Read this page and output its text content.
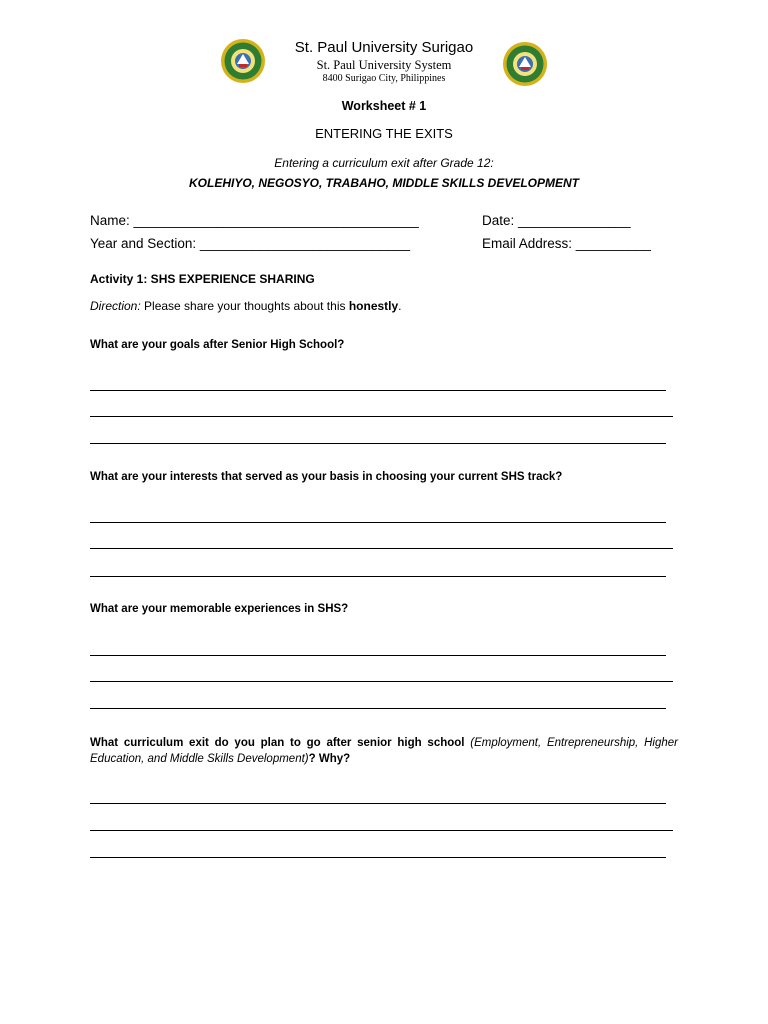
St. Paul University Surigao
St. Paul University System
8400 Surigao City, Philippines
Worksheet # 1
ENTERING THE EXITS
Entering a curriculum exit after Grade 12:
KOLEHIYO, NEGOSYO, TRABAHO, MIDDLE SKILLS DEVELOPMENT
Name: ______________________________________	Date: _______________
Year and Section: ____________________________	Email Address: __________
Activity 1: SHS EXPERIENCE SHARING
Direction: Please share your thoughts about this honestly.
What are your goals after Senior High School?
What are your interests that served as your basis in choosing your current SHS track?
What are your memorable experiences in SHS?
What curriculum exit do you plan to go after senior high school (Employment, Entrepreneurship, Higher Education, and Middle Skills Development)? Why?
